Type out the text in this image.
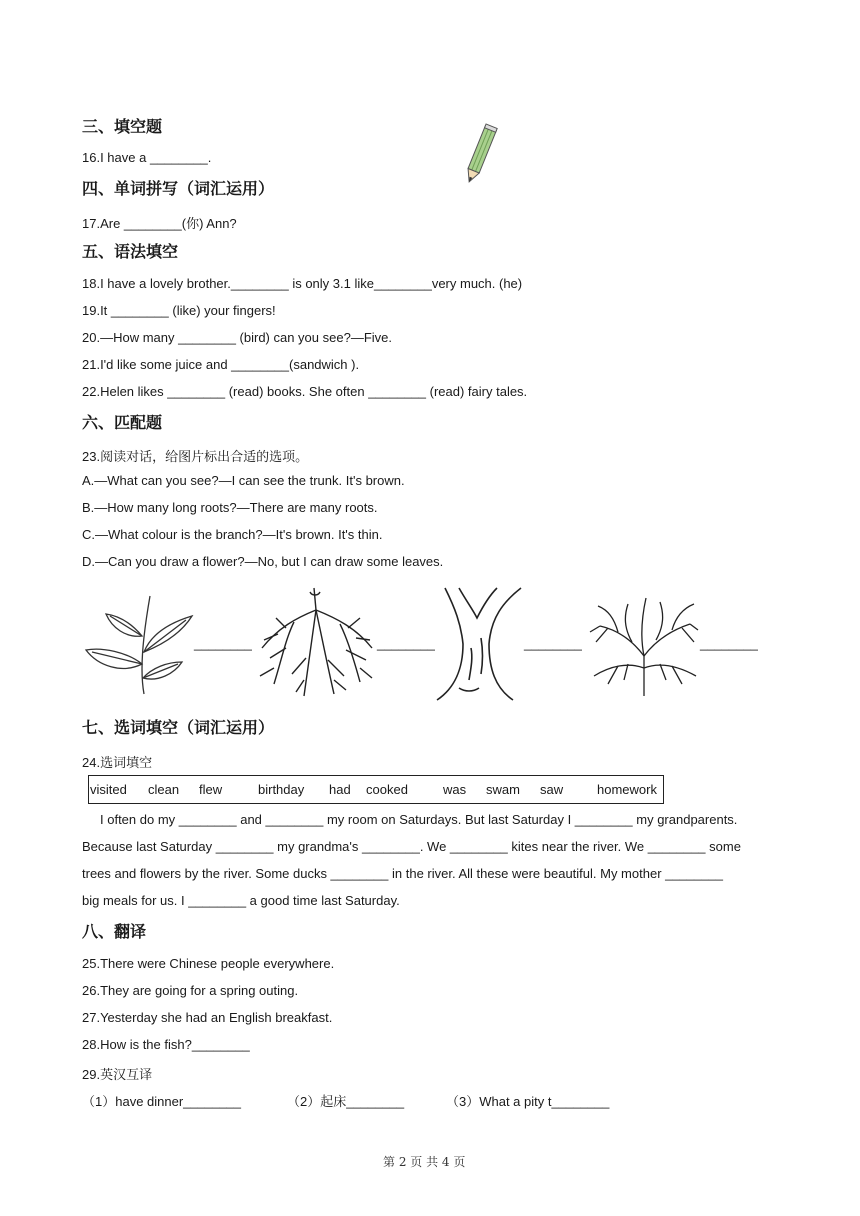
三、填空题
16.I have a ________.
四、单词拼写（词汇运用）
17.Are ________(你) Ann?
五、语法填空
18.I have a lovely brother.________ is only 3.1 like________very much. (he)
19.It ________ (like) your fingers!
20.—How many ________ (bird) can you see?—Five.
21.I'd like some juice and ________(sandwich ).
22.Helen likes ________ (read) books. She often ________ (read) fairy tales.
六、匹配题
23.阅读对话，给图片标出合适的选项。
A.—What can you see?—I can see the trunk. It's brown.
B.—How many long roots?—There are many roots.
C.—What colour is the branch?—It's brown. It's thin.
D.—Can you draw a flower?—No, but I can draw some leaves.
________	________	________	________
七、选词填空（词汇运用）
24.选词填空
visited clean flew	birthday had cooked	was swam saw	homework
I often do my ________ and ________ my room on Saturdays. But last Saturday I ________ my grandparents.
Because last Saturday ________ my grandma's ________. We ________ kites near the river. We ________ some
trees and flowers by the river. Some ducks ________ in the river. All these were beautiful. My mother ________
big meals for us. I ________ a good time last Saturday.
八、翻译
25.There were Chinese people everywhere.
26.They are going for a spring outing.
27.Yesterday she had an English breakfast.
28.How is the fish?________
29.英汉互译
（1）have dinner________	（2）起床________	（3）What a pity t________
第 2 页 共 4 页
